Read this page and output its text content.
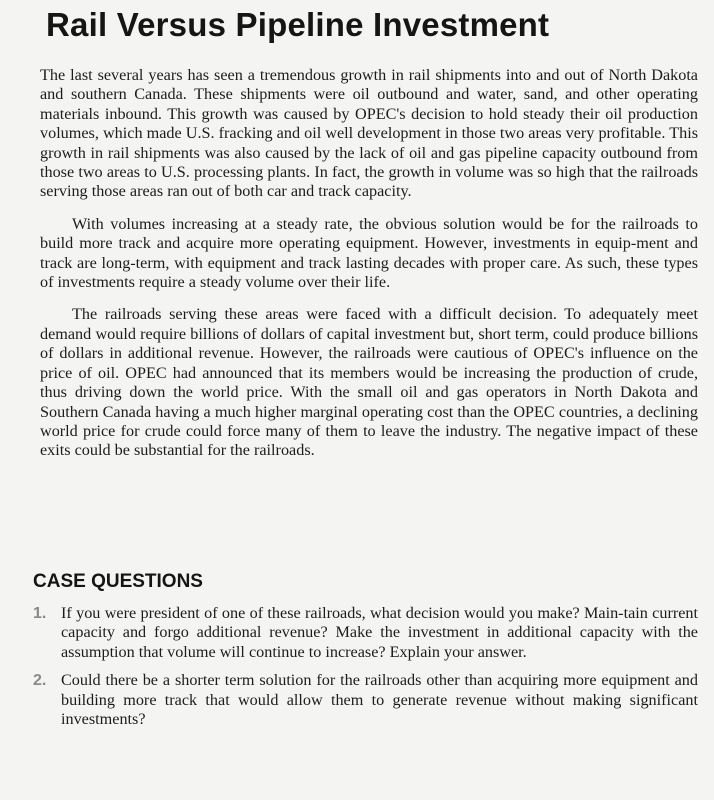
Rail Versus Pipeline Investment

The last several years has seen a tremendous growth in rail shipments into and out of North Dakota and southern Canada. These shipments were oil outbound and water, sand, and other operating materials inbound. This growth was caused by OPEC's decision to hold steady their oil production volumes, which made U.S. fracking and oil well development in those two areas very profitable. This growth in rail shipments was also caused by the lack of oil and gas pipeline capacity outbound from those two areas to U.S. processing plants. In fact, the growth in volume was so high that the railroads serving those areas ran out of both car and track capacity.

With volumes increasing at a steady rate, the obvious solution would be for the railroads to build more track and acquire more operating equipment. However, investments in equip-ment and track are long-term, with equipment and track lasting decades with proper care. As such, these types of investments require a steady volume over their life.

The railroads serving these areas were faced with a difficult decision. To adequately meet demand would require billions of dollars of capital investment but, short term, could produce billions of dollars in additional revenue. However, the railroads were cautious of OPEC's influence on the price of oil. OPEC had announced that its members would be increasing the production of crude, thus driving down the world price. With the small oil and gas operators in North Dakota and Southern Canada having a much higher marginal operating cost than the OPEC countries, a declining world price for crude could force many of them to leave the industry. The negative impact of these exits could be substantial for the railroads.

CASE QUESTIONS
1. If you were president of one of these railroads, what decision would you make? Main-tain current capacity and forgo additional revenue? Make the investment in additional capacity with the assumption that volume will continue to increase? Explain your answer.
2. Could there be a shorter term solution for the railroads other than acquiring more equipment and building more track that would allow them to generate revenue without making significant investments?
